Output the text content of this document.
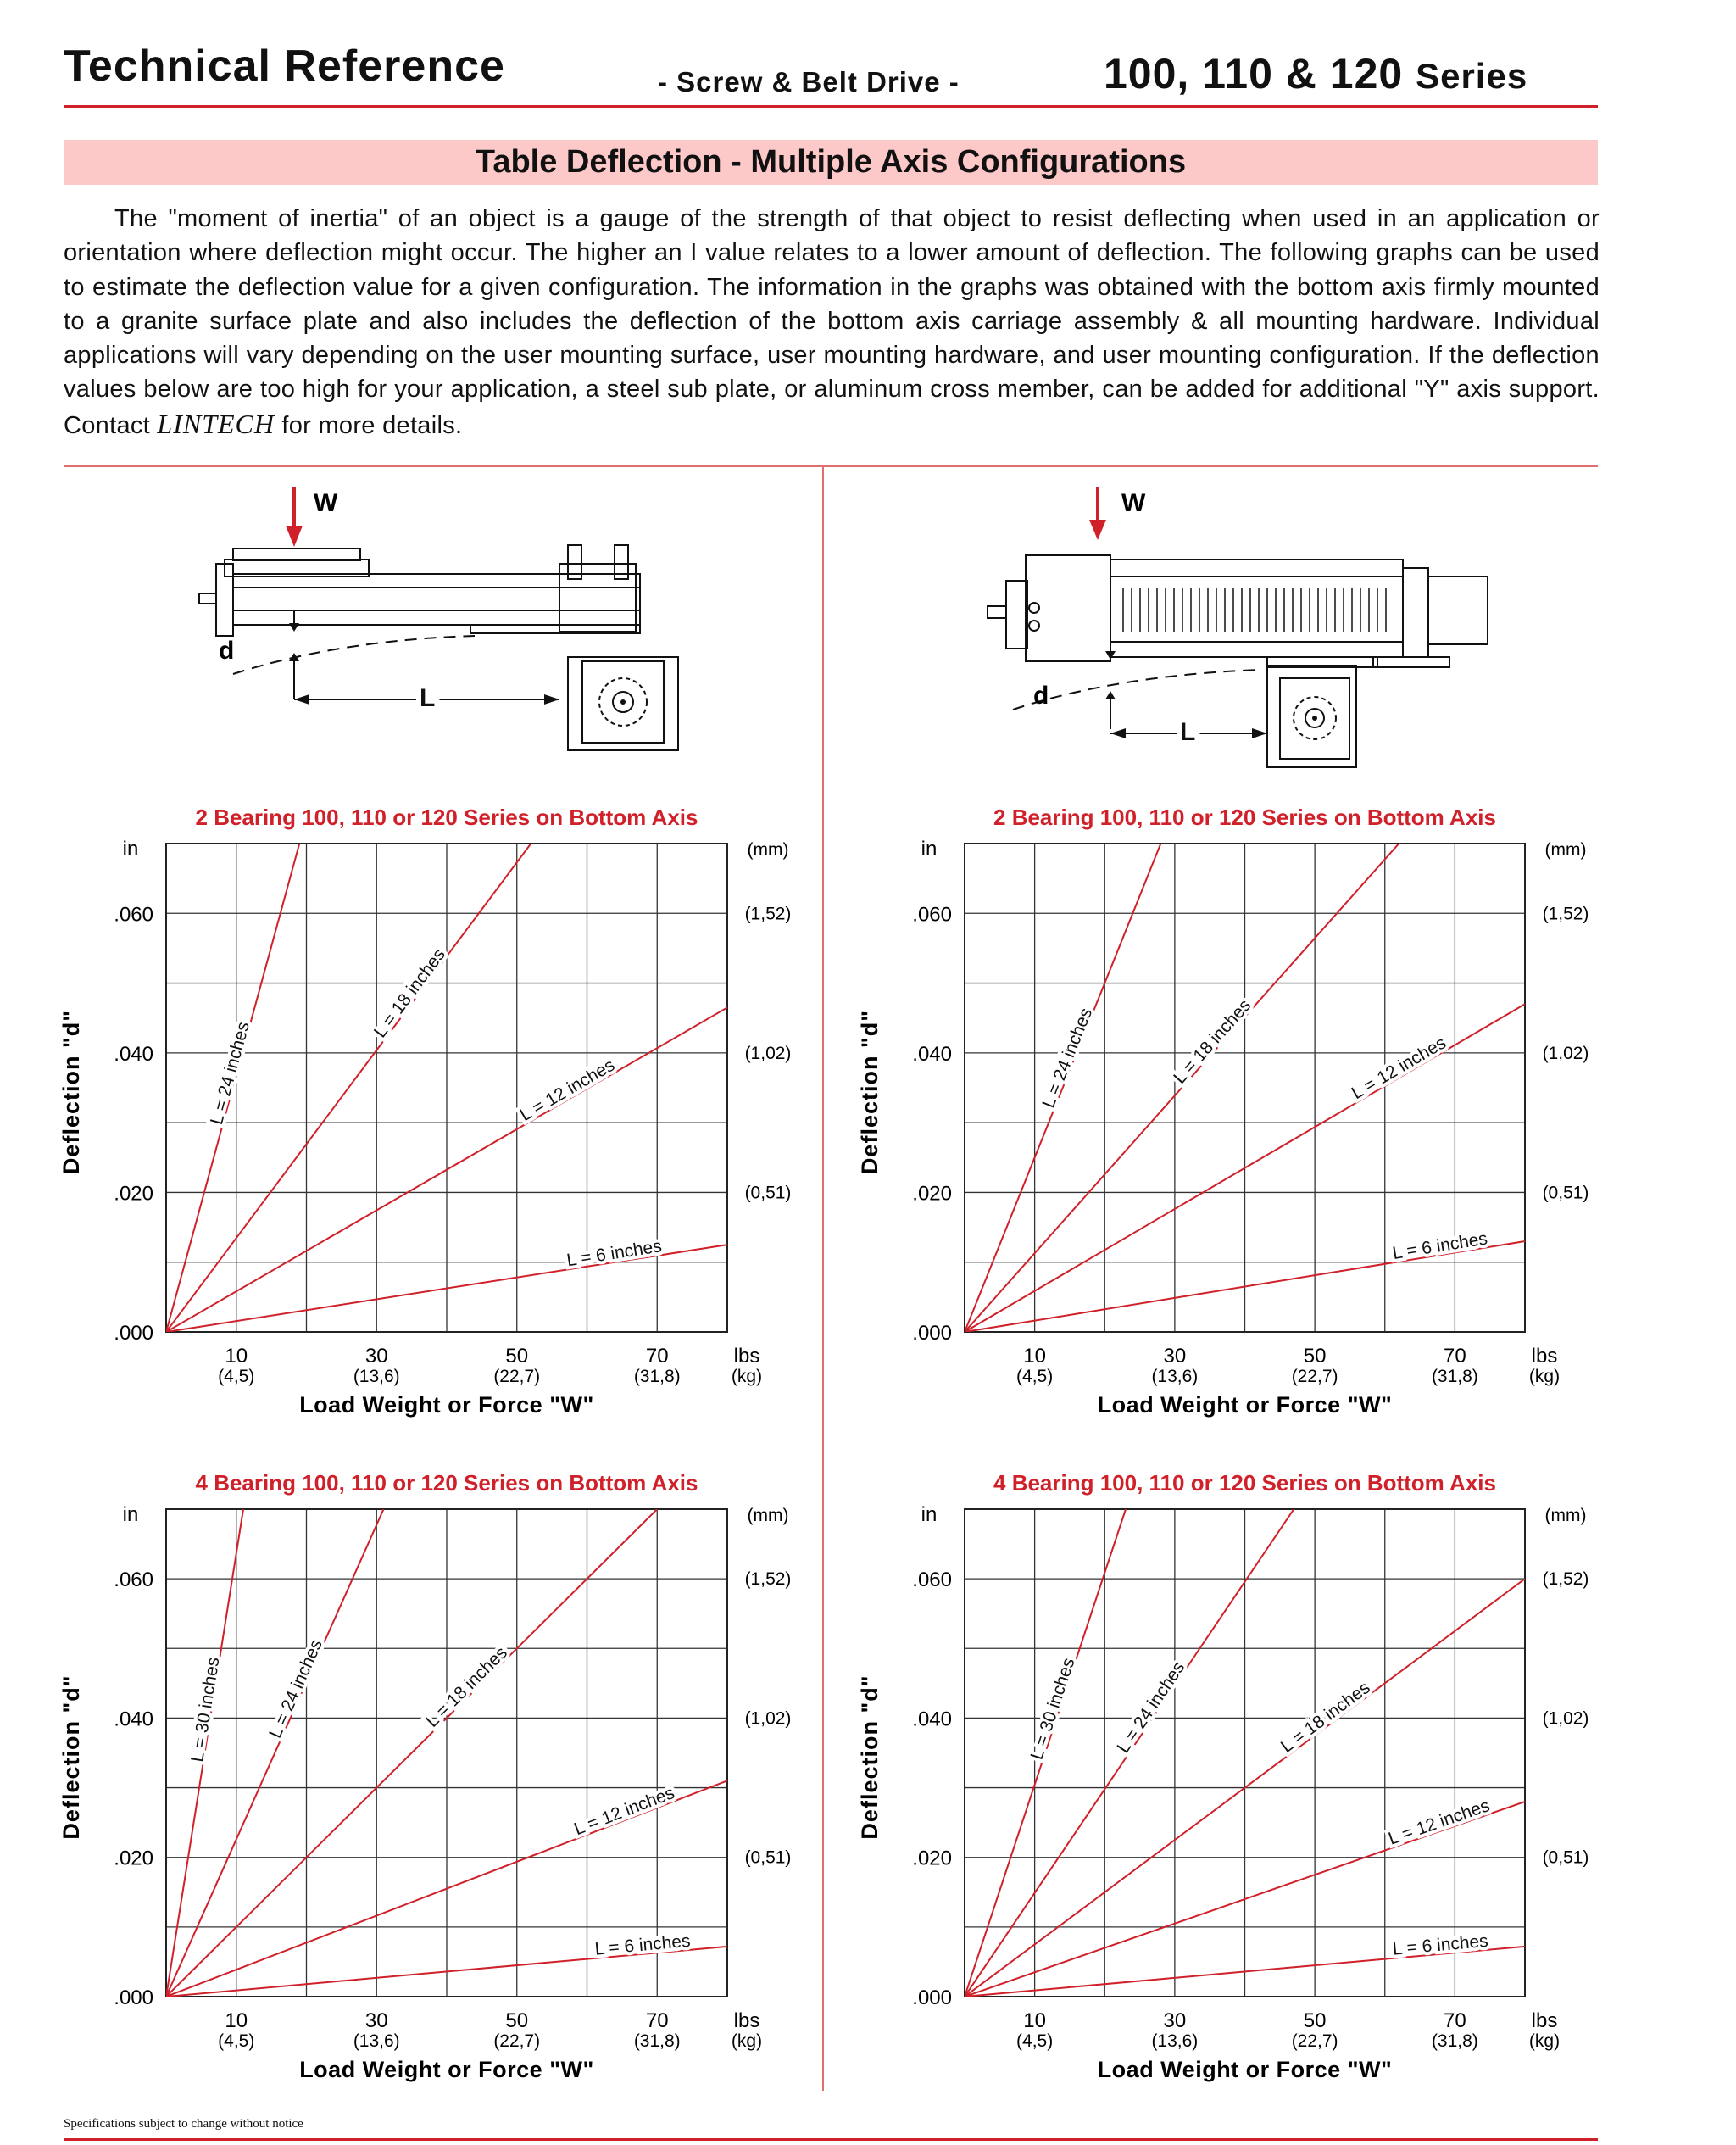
Technical Reference	- Screw & Belt Drive -	100, 110 & 120 Series
Table Deflection - Multiple Axis Configurations

The "moment of inertia" of an object is a gauge of the strength of that object to resist deflecting when used in an application or orientation where deflection might occur. The higher an I value relates to a lower amount of deflection. The following graphs can be used to estimate the deflection value for a given configuration. The information in the graphs was obtained with the bottom axis firmly mounted to a granite surface plate and also includes the deflection of the bottom axis carriage assembly & all mounting hardware. Individual applications will vary depending on the user mounting surface, user mounting hardware, and user mounting configuration. If the deflection values below are too high for your application, a steel sub plate, or aluminum cross member, can be added for additional "Y" axis support. Contact LINTECH for more details.

W
d
L
W
d
L
2 Bearing 100, 110 or 120 Series on Bottom Axis
in	(mm)
.000
.020
.040
.060
(0,51)
(1,02)
(1,52)
10	30	50	70
(4,5)	(13,6)	(22,7)	(31,8)
lbs
(kg)
Load Weight or Force "W"
Deflection "d"	L = 24 inches
L = 18 inches
L = 12 inches
L = 6 inches
2 Bearing 100, 110 or 120 Series on Bottom Axis
in	(mm)
.000
.020
.040
.060
(0,51)
(1,02)
(1,52)
10	30	50	70
(4,5)	(13,6)	(22,7)	(31,8)
lbs
(kg)
Load Weight or Force "W"
Deflection "d"	L = 24 inches	L = 18 inches	L = 12 inches
L = 6 inches
4 Bearing 100, 110 or 120 Series on Bottom Axis
in	(mm)
.000
.020
.040
.060
(0,51)
(1,02)
(1,52)
10	30	50	70
(4,5)	(13,6)	(22,7)	(31,8)
lbs
(kg)
Load Weight or Force "W"
Deflection "d"	L = 30 inches L = 24 inches	L = 18 inches
L = 12 inches
L = 6 inches
4 Bearing 100, 110 or 120 Series on Bottom Axis
in	(mm)
.000
.020
.040
.060
(0,51)
(1,02)
(1,52)
10	30	50	70
(4,5)	(13,6)	(22,7)	(31,8)
lbs
(kg)
Load Weight or Force "W"
Deflection "d"	L = 30 inches L = 24 inches	L = 18 inches
L = 12 inches
L = 6 inches
Specifications subject to change without notice
